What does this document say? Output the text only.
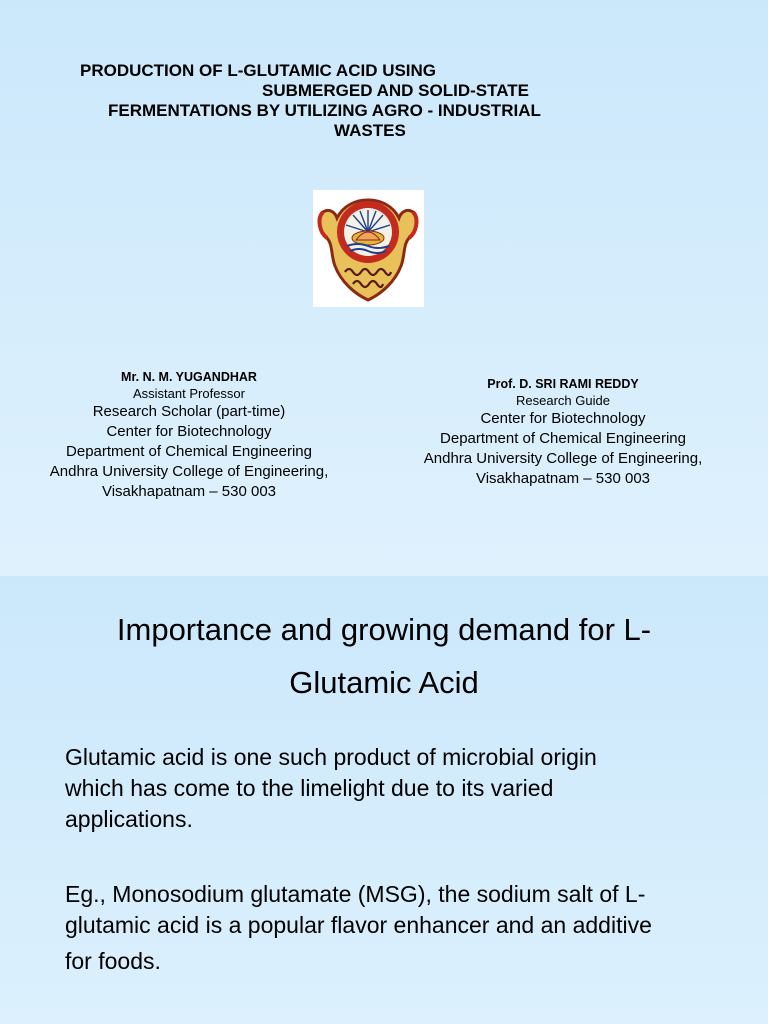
PRODUCTION OF L-GLUTAMIC ACID USING
SUBMERGED AND SOLID-STATE
FERMENTATIONS BY UTILIZING AGRO - INDUSTRIAL
WASTES
Mr. N. M. YUGANDHAR
Assistant Professor
Research Scholar (part-time)
Center for Biotechnology
Department of Chemical Engineering
Andhra University College of Engineering,
Visakhapatnam – 530 003
Prof. D. SRI RAMI REDDY
Research Guide
Center for Biotechnology
Department of Chemical Engineering
Andhra University College of Engineering,
Visakhapatnam – 530 003
Importance and growing demand for L-
Glutamic Acid
Glutamic acid is one such product of microbial origin
which has come to the limelight due to its varied
applications.
Eg., Monosodium glutamate (MSG), the sodium salt of L-
glutamic acid is a popular flavor enhancer and an additive
for foods.
